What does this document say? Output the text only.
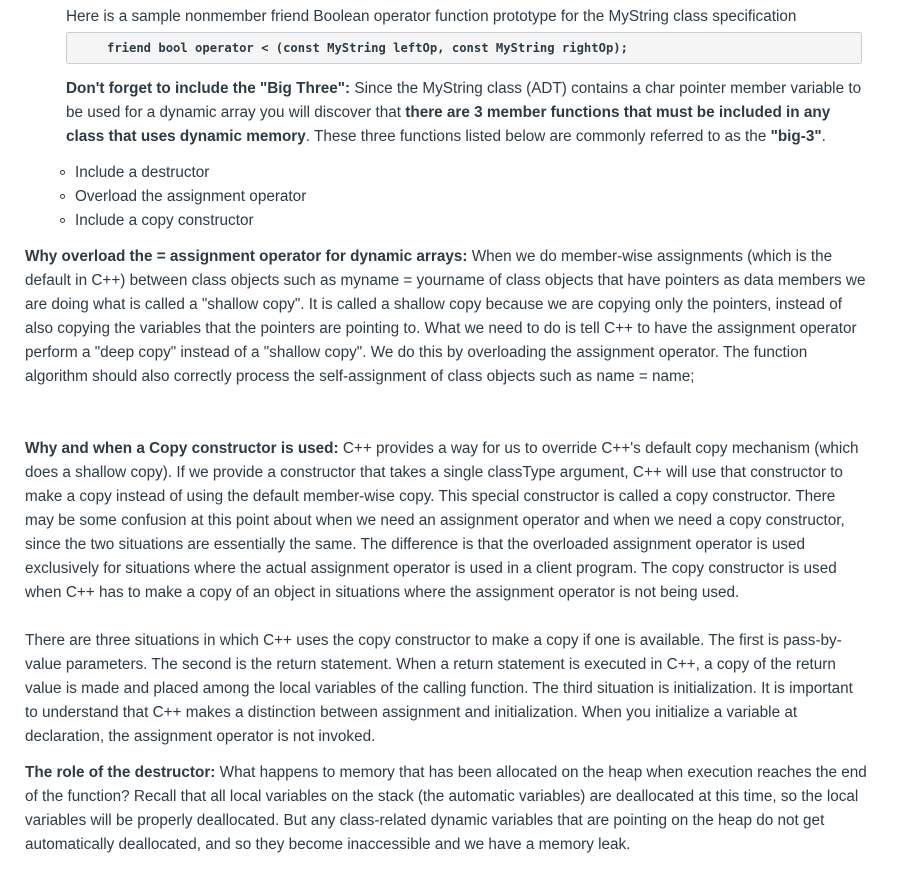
Here is a sample nonmember friend Boolean operator function prototype for the MyString class specification

friend bool operator < (const MyString leftOp, const MyString rightOp);

Don't forget to include the "Big Three": Since the MyString class (ADT) contains a char pointer member variable to be used for a dynamic array you will discover that there are 3 member functions that must be included in any class that uses dynamic memory. These three functions listed below are commonly referred to as the "big-3".

Include a destructor
Overload the assignment operator
Include a copy constructor

Why overload the = assignment operator for dynamic arrays: When we do member-wise assignments (which is the default in C++) between class objects such as myname = yourname of class objects that have pointers as data members we are doing what is called a "shallow copy". It is called a shallow copy because we are copying only the pointers, instead of also copying the variables that the pointers are pointing to. What we need to do is tell C++ to have the assignment operator perform a "deep copy" instead of a "shallow copy". We do this by overloading the assignment operator. The function algorithm should also correctly process the self-assignment of class objects such as name = name;

Why and when a Copy constructor is used: C++ provides a way for us to override C++'s default copy mechanism (which does a shallow copy). If we provide a constructor that takes a single classType argument, C++ will use that constructor to make a copy instead of using the default member-wise copy. This special constructor is called a copy constructor. There may be some confusion at this point about when we need an assignment operator and when we need a copy constructor, since the two situations are essentially the same. The difference is that the overloaded assignment operator is used exclusively for situations where the actual assignment operator is used in a client program. The copy constructor is used when C++ has to make a copy of an object in situations where the assignment operator is not being used.

There are three situations in which C++ uses the copy constructor to make a copy if one is available. The first is pass-by-value parameters. The second is the return statement. When a return statement is executed in C++, a copy of the return value is made and placed among the local variables of the calling function. The third situation is initialization. It is important to understand that C++ makes a distinction between assignment and initialization. When you initialize a variable at declaration, the assignment operator is not invoked.

The role of the destructor: What happens to memory that has been allocated on the heap when execution reaches the end of the function? Recall that all local variables on the stack (the automatic variables) are deallocated at this time, so the local variables will be properly deallocated. But any class-related dynamic variables that are pointing on the heap do not get automatically deallocated, and so they become inaccessible and we have a memory leak.
